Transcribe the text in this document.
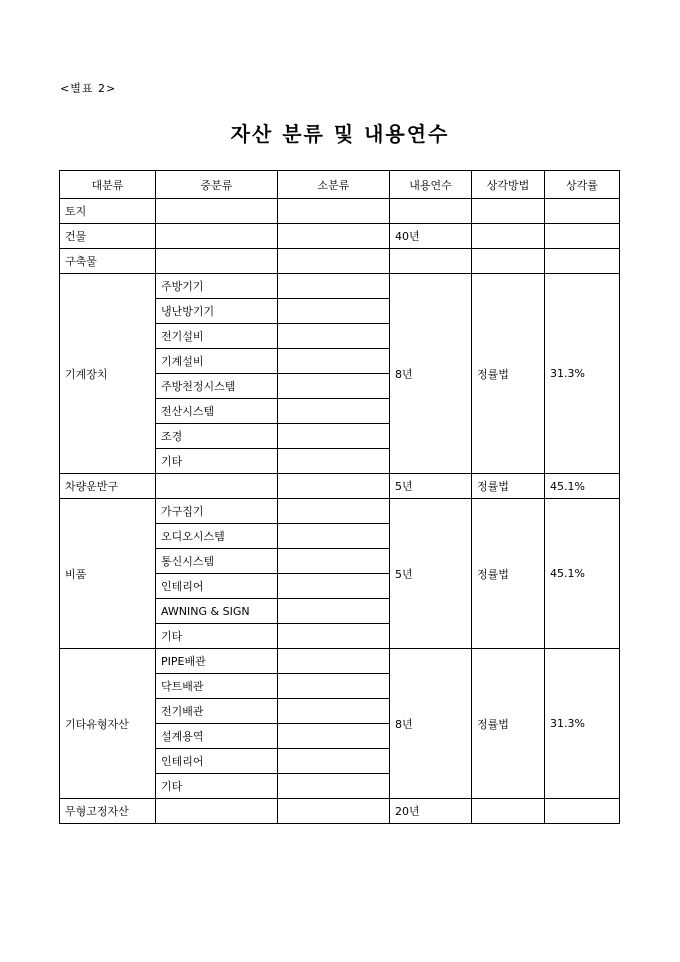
<별표 2>
자산 분류 및 내용연수
대분류	중분류	소분류	내용연수	상각방법	상각률
토지					
건물			40년		
구축물					
기계장치	주방기기		8년	정률법	31.3%
	냉난방기기				
	전기설비				
	기계설비				
	주방천정시스템				
	전산시스템				
	조경				
	기타				
차량운반구			5년	정률법	45.1%
비품	가구집기		5년	정률법	45.1%
	오디오시스템				
	통신시스템				
	인테리어				
	AWNING & SIGN				
	기타				
기타유형자산	PIPE배관		8년	정률법	31.3%
	닥트배관				
	전기배관				
	설계용역				
	인테리어				
	기타				
무형고정자산			20년		
